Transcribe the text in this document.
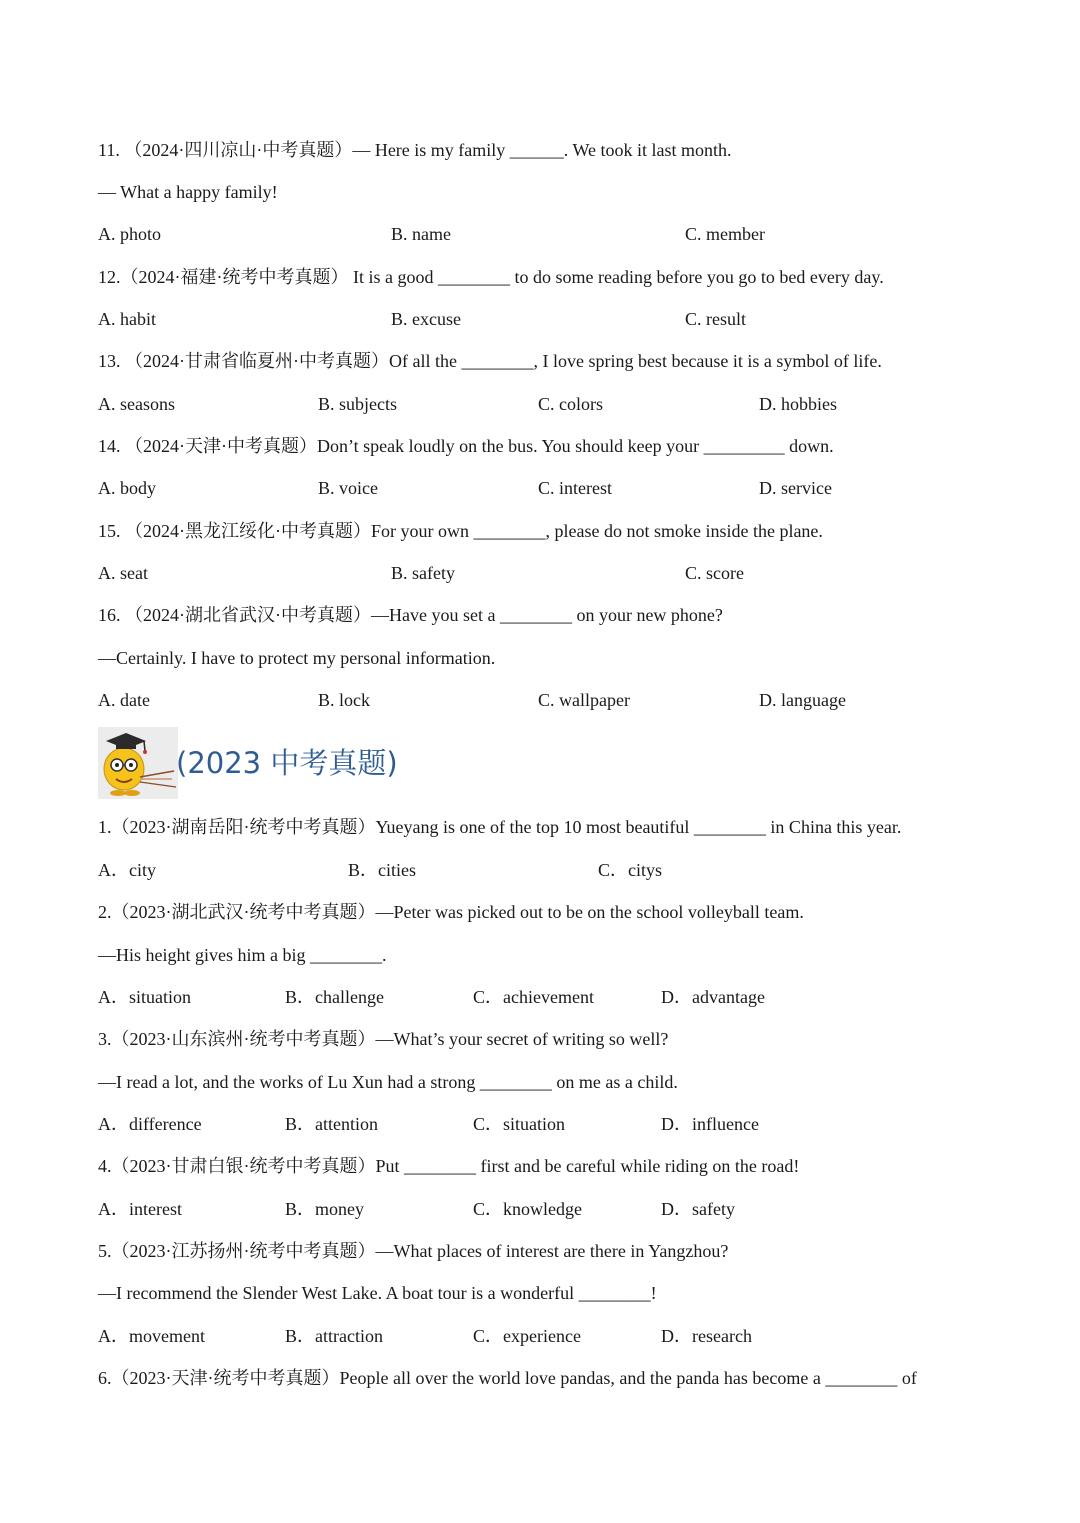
11. （2024·四川凉山·中考真题）— Here is my family ______. We took it last month.
— What a happy family!
A. photo	B. name	C. member
12.（2024·福建·统考中考真题） It is a good ________ to do some reading before you go to bed every day.
A. habit	B. excuse	C. result
13. （2024·甘肃省临夏州·中考真题）Of all the ________, I love spring best because it is a symbol of life.
A. seasons	B. subjects	C. colors	D. hobbies
14. （2024·天津·中考真题）Don’t speak loudly on the bus. You should keep your _________ down.
A. body	B. voice	C. interest	D. service
15. （2024·黑龙江绥化·中考真题）For your own ________, please do not smoke inside the plane.
A. seat	B. safety	C. score
16. （2024·湖北省武汉·中考真题）—Have you set a ________ on your new phone?
—Certainly. I have to protect my personal information.
A. date	B. lock	C. wallpaper	D. language
(2023 中考真题)
1.（2023·湖南岳阳·统考中考真题）Yueyang is one of the top 10 most beautiful ________ in China this year.
A．city	B．cities	C．citys
2.（2023·湖北武汉·统考中考真题）—Peter was picked out to be on the school volleyball team.
—His height gives him a big ________.
A．situation	B．challenge	C．achievement	D．advantage
3.（2023·山东滨州·统考中考真题）—What’s your secret of writing so well?
—I read a lot, and the works of Lu Xun had a strong ________ on me as a child.
A．difference	B．attention	C．situation	D．influence
4.（2023·甘肃白银·统考中考真题）Put ________ first and be careful while riding on the road!
A．interest	B．money	C．knowledge	D．safety
5.（2023·江苏扬州·统考中考真题）—What places of interest are there in Yangzhou?
—I recommend the Slender West Lake. A boat tour is a wonderful ________!
A．movement	B．attraction	C．experience	D．research
6.（2023·天津·统考中考真题）People all over the world love pandas, and the panda has become a ________ of
